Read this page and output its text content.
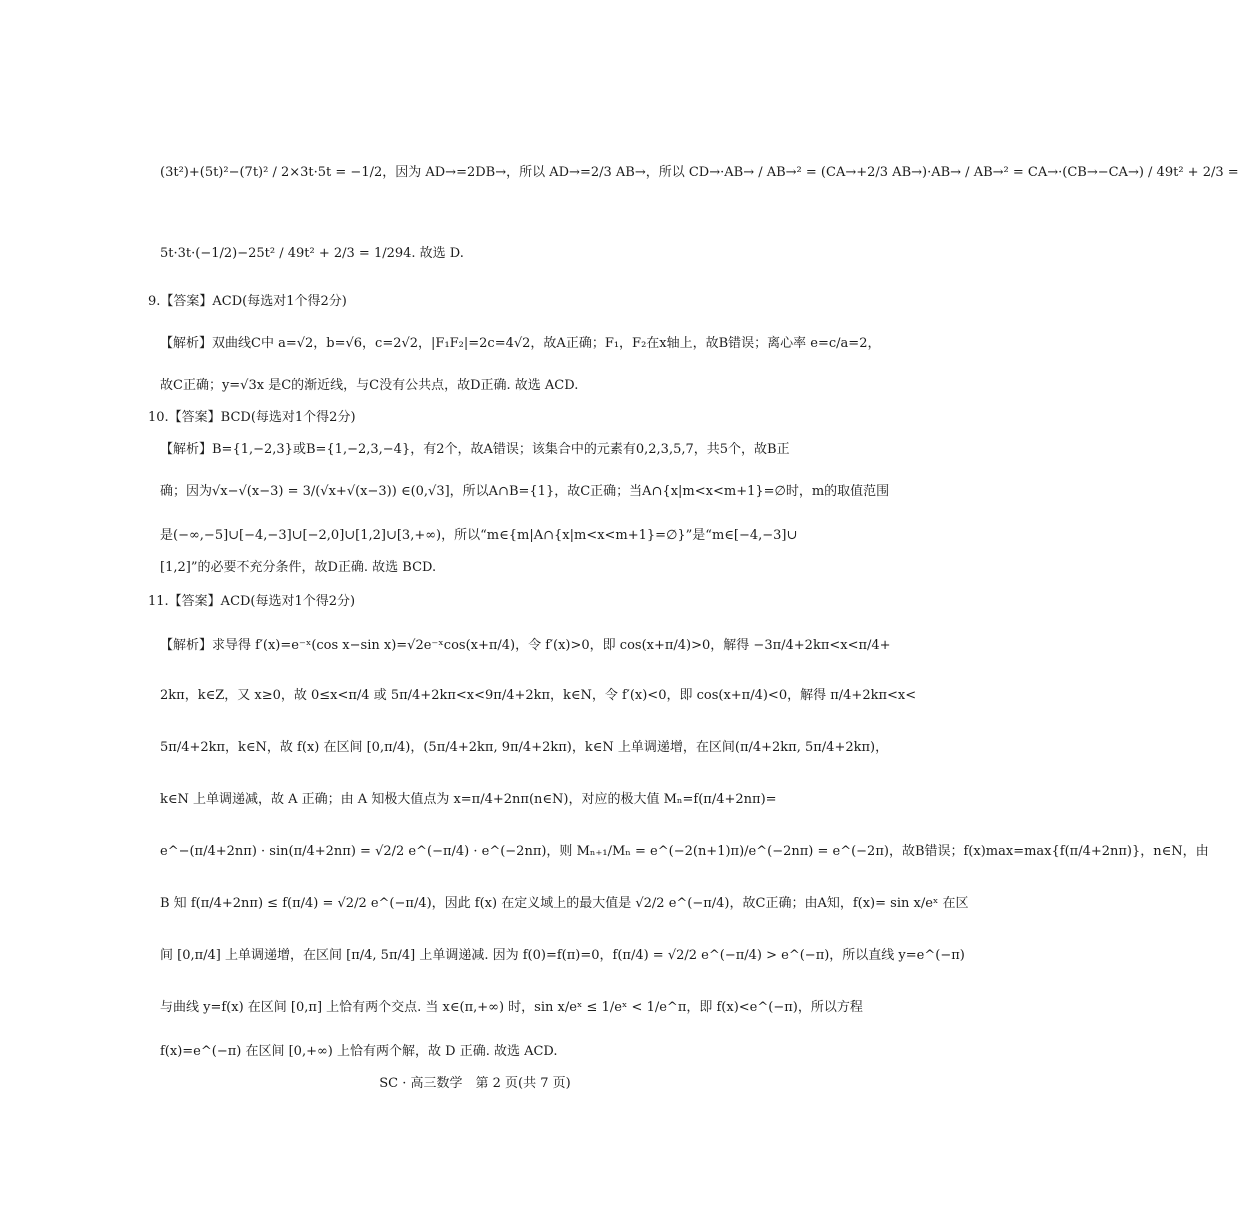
(3t²)+(5t)²−(7t)² / 2×3t·5t = −1/2，因为 AD→=2DB→，所以 AD→=2/3 AB→，所以 CD→·AB→ / AB→² = (CA→+2/3 AB→)·AB→ / AB→² = CA→·(CB→−CA→) / 49t² + 2/3 =
5t·3t·(−1/2)−25t² / 49t² + 2/3 = 1/294. 故选 D.
9.【答案】ACD(每选对1个得2分)
【解析】双曲线C中 a=√2，b=√6，c=2√2，|F₁F₂|=2c=4√2，故A正确；F₁，F₂在x轴上，故B错误；离心率 e=c/a=2，
故C正确；y=√3x 是C的渐近线，与C没有公共点，故D正确. 故选 ACD.
10.【答案】BCD(每选对1个得2分)
【解析】B={1,−2,3}或B={1,−2,3,−4}，有2个，故A错误；该集合中的元素有0,2,3,5,7，共5个，故B正
确；因为√x−√(x−3) = 3/(√x+√(x−3)) ∈(0,√3]，所以A∩B={1}，故C正确；当A∩{x|m<x<m+1}=∅时，m的取值范围
是(−∞,−5]∪[−4,−3]∪[−2,0]∪[1,2]∪[3,+∞)，所以“m∈{m|A∩{x|m<x<m+1}=∅}”是“m∈[−4,−3]∪
[1,2]”的必要不充分条件，故D正确. 故选 BCD.
11.【答案】ACD(每选对1个得2分)
【解析】求导得 f′(x)=e⁻ˣ(cos x−sin x)=√2e⁻ˣcos(x+π/4)，令 f′(x)>0，即 cos(x+π/4)>0，解得 −3π/4+2kπ<x<π/4+
2kπ，k∈Z，又 x≥0，故 0≤x<π/4 或 5π/4+2kπ<x<9π/4+2kπ，k∈N，令 f′(x)<0，即 cos(x+π/4)<0，解得 π/4+2kπ<x<
5π/4+2kπ，k∈N，故 f(x) 在区间 [0,π/4)，(5π/4+2kπ, 9π/4+2kπ)，k∈N 上单调递增，在区间(π/4+2kπ, 5π/4+2kπ)，
k∈N 上单调递减，故 A 正确；由 A 知极大值点为 x=π/4+2nπ(n∈N)，对应的极大值 Mₙ=f(π/4+2nπ)=
e^−(π/4+2nπ) · sin(π/4+2nπ) = √2/2 e^(−π/4) · e^(−2nπ)，则 Mₙ₊₁/Mₙ = e^(−2(n+1)π)/e^(−2nπ) = e^(−2π)，故B错误；f(x)max=max{f(π/4+2nπ)}，n∈N，由
B 知 f(π/4+2nπ) ≤ f(π/4) = √2/2 e^(−π/4)，因此 f(x) 在定义域上的最大值是 √2/2 e^(−π/4)，故C正确；由A知，f(x)= sin x/eˣ 在区
间 [0,π/4] 上单调递增，在区间 [π/4, 5π/4] 上单调递减. 因为 f(0)=f(π)=0，f(π/4) = √2/2 e^(−π/4) > e^(−π)，所以直线 y=e^(−π)
与曲线 y=f(x) 在区间 [0,π] 上恰有两个交点. 当 x∈(π,+∞) 时，sin x/eˣ ≤ 1/eˣ < 1/e^π，即 f(x)<e^(−π)，所以方程
f(x)=e^(−π) 在区间 [0,+∞) 上恰有两个解，故 D 正确. 故选 ACD.
SC · 高三数学　第 2 页(共 7 页)
